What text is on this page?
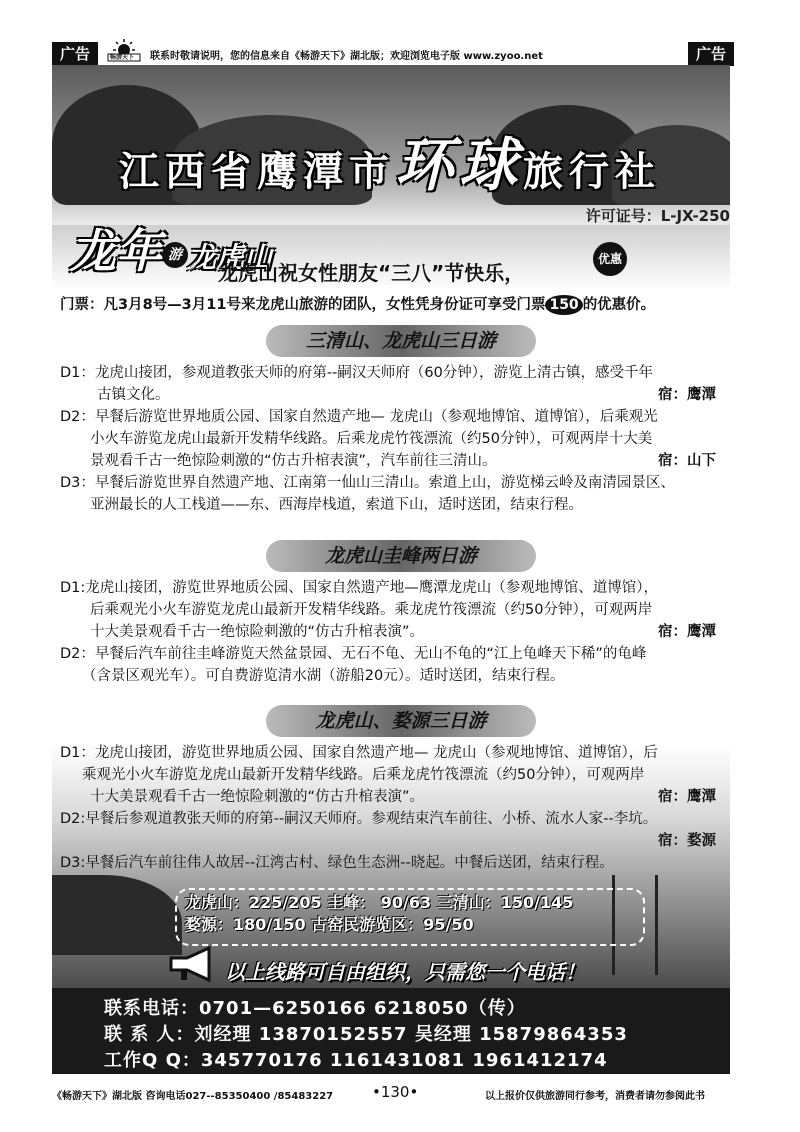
广告	畅游天下 联系时敬请说明，您的信息来自《畅游天下》湖北版；欢迎浏览电子版 www.zyoo.net	广告
江西省鹰潭市环球旅行社
许可证号：L-JX-250
龙年 游 龙虎山
龙虎山祝女性朋友“三八”节快乐，
优惠
门票：凡3月8号—3月11号来龙虎山旅游的团队，女性凭身份证可享受门票 150 的优惠价。
三清山、龙虎山三日游
D1：龙虎山接团，参观道教张天师的府第--嗣汉天师府（60分钟），游览上清古镇，感受千年
古镇文化。	宿：鹰潭
D2：早餐后游览世界地质公园、国家自然遗产地— 龙虎山（参观地博馆、道博馆），后乘观光
小火车游览龙虎山最新开发精华线路。后乘龙虎竹筏漂流（约50分钟），可观两岸十大美
景观看千古一绝惊险刺激的“仿古升棺表演”，汽车前往三清山。	宿：山下
D3：早餐后游览世界自然遗产地、江南第一仙山三清山。索道上山，游览梯云岭及南清园景区、
亚洲最长的人工栈道——东、西海岸栈道，索道下山，适时送团，结束行程。
龙虎山圭峰两日游
D1:龙虎山接团，游览世界地质公园、国家自然遗产地—鹰潭龙虎山（参观地博馆、道博馆），
后乘观光小火车游览龙虎山最新开发精华线路。乘龙虎竹筏漂流（约50分钟），可观两岸
十大美景观看千古一绝惊险刺激的“仿古升棺表演”。	宿：鹰潭
D2：早餐后汽车前往圭峰游览天然盆景园、无石不龟、无山不龟的“江上龟峰天下稀”的龟峰
（含景区观光车）。可自费游览清水湖（游船20元）。适时送团，结束行程。
龙虎山、婺源三日游
D1：龙虎山接团，游览世界地质公园、国家自然遗产地— 龙虎山（参观地博馆、道博馆），后
乘观光小火车游览龙虎山最新开发精华线路。后乘龙虎竹筏漂流（约50分钟），可观两岸
十大美景观看千古一绝惊险刺激的“仿古升棺表演”。	宿：鹰潭
D2:早餐后参观道教张天师的府第--嗣汉天师府。参观结束汽车前往、小桥、流水人家--李坑。
宿：婺源
D3:早餐后汽车前往伟人故居--江湾古村、绿色生态洲--晓起。中餐后送团，结束行程。
龙虎山：225/205 圭峰： 90/63 三清山：150/145
婺源：180/150 古窑民游览区：95/50
以上线路可自由组织，只需您一个电话！
联系电话：0701—6250166 6218050（传）
联 系 人：刘经理 13870152557 吴经理 15879864353
工作Q Q：345770176 1161431081 1961412174
《畅游天下》湖北版 咨询电话027--85350400 /85483227	•130•	以上报价仅供旅游同行参考，消费者请勿参阅此书
